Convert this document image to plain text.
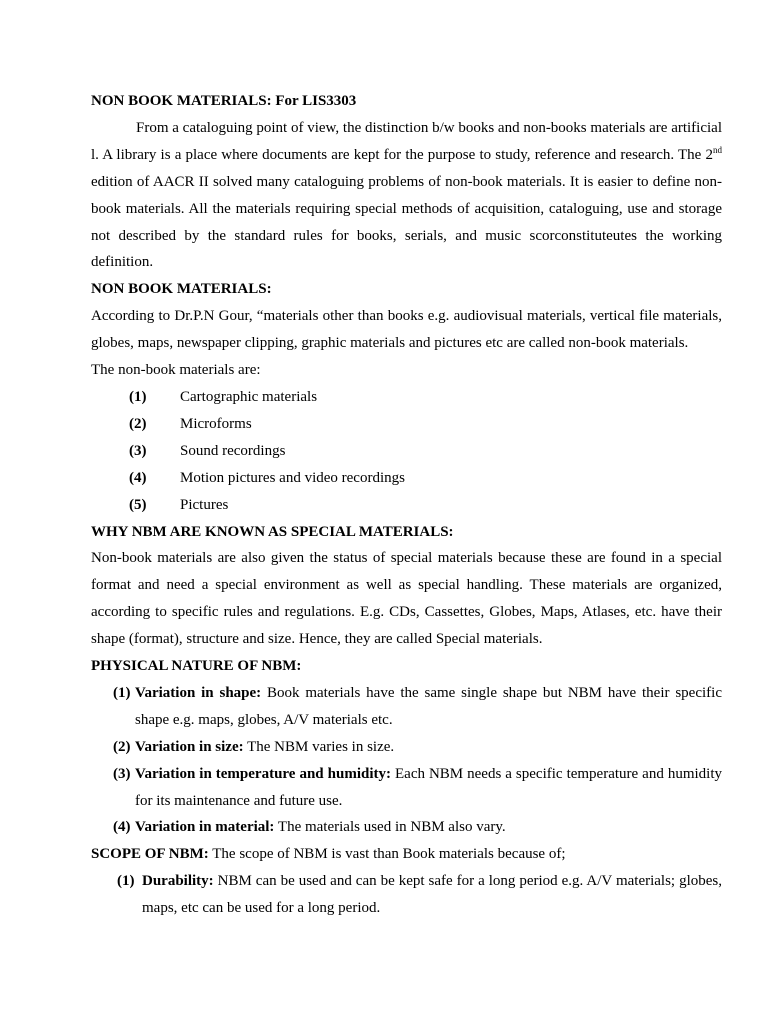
NON BOOK MATERIALS: For LIS3303

From a cataloguing point of view, the distinction b/w books and non-books materials are artificial l. A library is a place where documents are kept for the purpose to study, reference and research. The 2nd edition of AACR II solved many cataloguing problems of non-book materials. It is easier to define non-book materials. All the materials requiring special methods of acquisition, cataloguing, use and storage not described by the standard rules for books, serials, and music scorconstituteutes the working definition.

NON BOOK MATERIALS:

According to Dr.P.N Gour, “materials other than books e.g. audiovisual materials, vertical file materials, globes, maps, newspaper clipping, graphic materials and pictures etc are called non-book materials.

The non-book materials are:

(1)	Cartographic materials
(2)	Microforms
(3)	Sound recordings
(4)	Motion pictures and video recordings
(5)	Pictures

WHY NBM ARE KNOWN AS SPECIAL MATERIALS:

Non-book materials are also given the status of special materials because these are found in a special format and need a special environment as well as special handling. These materials are organized, according to specific rules and regulations. E.g. CDs, Cassettes, Globes, Maps, Atlases, etc. have their shape (format), structure and size. Hence, they are called Special materials.

PHYSICAL NATURE OF NBM:

(1) Variation in shape: Book materials have the same single shape but NBM have their specific shape e.g. maps, globes, A/V materials etc.
(2) Variation in size: The NBM varies in size.
(3) Variation in temperature and humidity: Each NBM needs a specific temperature and humidity for its maintenance and future use.
(4) Variation in material: The materials used in NBM also vary.

SCOPE OF NBM: The scope of NBM is vast than Book materials because of;

(1) Durability: NBM can be used and can be kept safe for a long period e.g. A/V materials; globes, maps, etc can be used for a long period.
